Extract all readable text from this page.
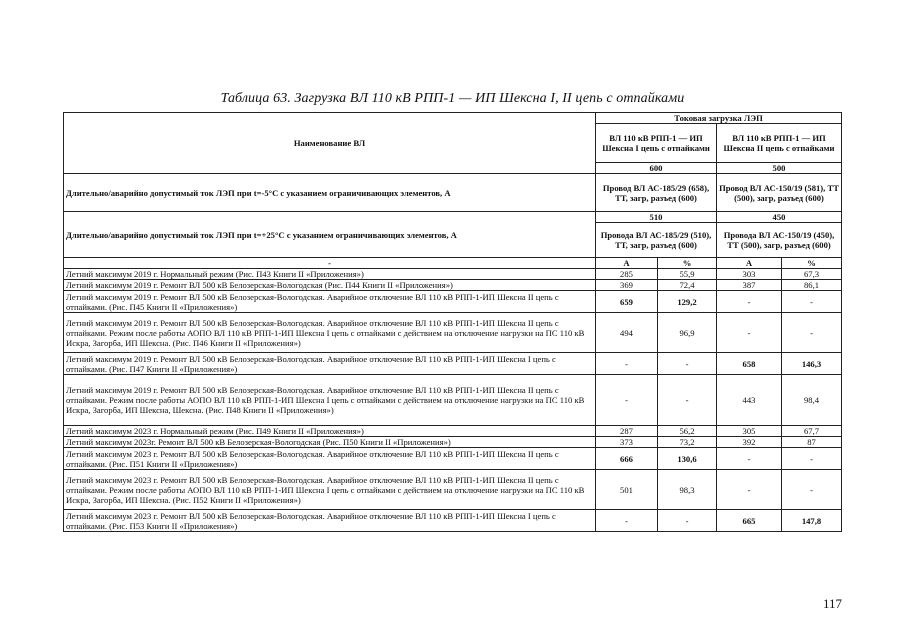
Таблица 63. Загрузка ВЛ 110 кВ РПП-1 — ИП Шексна I, II цепь с отпайками
Наименование ВЛ	Токовая загрузка ЛЭП			
	ВЛ 110 кВ РПП-1 — ИП Шексна I цепь с отпайками		ВЛ 110 кВ РПП-1 — ИП Шексна II цепь с отпайками	
	600		500	
Длительно/аварийно допустимый ток ЛЭП при t=-5°С с указанием ограничивающих элементов, А	Провод ВЛ АС-185/29 (658), ТТ, загр, разъед (600)		Провод ВЛ АС-150/19 (581), ТТ (500), загр, разъед (600)	
Длительно/аварийно допустимый ток ЛЭП при t=+25°С с указанием ограничивающих элементов, А	510		450	
	Провода ВЛ АС-185/29 (510), ТТ, загр, разъед (600)		Провода ВЛ АС-150/19 (450), ТТ (500), загр, разъед (600)	
-	А	%	А	%
Летний максимум 2019 г. Нормальный режим (Рис. П43 Книги II «Приложения»)	285	55,9	303	67,3
Летний максимум 2019 г. Ремонт ВЛ 500 кВ Белозерская-Вологодская (Рис. П44 Книги II «Приложения»)	369	72,4	387	86,1
Летний максимум 2019 г. Ремонт ВЛ 500 кВ Белозерская-Вологодская. Аварийное отключение ВЛ 110 кВ РПП-1-ИП Шексна II цепь с отпайками. (Рис. П45 Книги II «Приложения»)	659	129,2	-	-
Летний максимум 2019 г. Ремонт ВЛ 500 кВ Белозерская-Вологодская. Аварийное отключение ВЛ 110 кВ РПП-1-ИП Шексна II цепь с отпайками. Режим после работы АОПО ВЛ 110 кВ РПП-1-ИП Шексна I цепь с отпайками с действием на отключение нагрузки на ПС 110 кВ Искра, Загорба, ИП Шексна. (Рис. П46 Книги II «Приложения»)	494	96,9	-	-
Летний максимум 2019 г. Ремонт ВЛ 500 кВ Белозерская-Вологодская. Аварийное отключение ВЛ 110 кВ РПП-1-ИП Шексна I цепь с отпайками. (Рис. П47 Книги II «Приложения»)	-	-	658	146,3
Летний максимум 2019 г. Ремонт ВЛ 500 кВ Белозерская-Вологодская. Аварийное отключение ВЛ 110 кВ РПП-1-ИП Шексна II цепь с отпайками. Режим после работы АОПО ВЛ 110 кВ РПП-1-ИП Шексна I цепь с отпайками с действием на отключение нагрузки на ПС 110 кВ Искра, Загорба, ИП Шексна, Шексна. (Рис. П48 Книги II «Приложения»)	-	-	443	98,4
Летний максимум 2023 г. Нормальный режим (Рис. П49 Книги II «Приложения»)	287	56,2	305	67,7
Летний максимум 2023г. Ремонт ВЛ 500 кВ Белозерская-Вологодская (Рис. П50 Книги II «Приложения»)	373	73,2	392	87
Летний максимум 2023 г. Ремонт ВЛ 500 кВ Белозерская-Вологодская. Аварийное отключение ВЛ 110 кВ РПП-1-ИП Шексна II цепь с отпайками. (Рис. П51 Книги II «Приложения»)	666	130,6	-	-
Летний максимум 2023 г. Ремонт ВЛ 500 кВ Белозерская-Вологодская. Аварийное отключение ВЛ 110 кВ РПП-1-ИП Шексна II цепь с отпайками. Режим после работы АОПО ВЛ 110 кВ РПП-1-ИП Шексна I цепь с отпайками с действием на отключение нагрузки на ПС 110 кВ Искра, Загорба, ИП Шексна. (Рис. П52 Книги II «Приложения»)	501	98,3	-	-
Летний максимум 2023 г. Ремонт ВЛ 500 кВ Белозерская-Вологодская. Аварийное отключение ВЛ 110 кВ РПП-1-ИП Шексна I цепь с отпайками. (Рис. П53 Книги II «Приложения»)	-	-	665	147,8
117
